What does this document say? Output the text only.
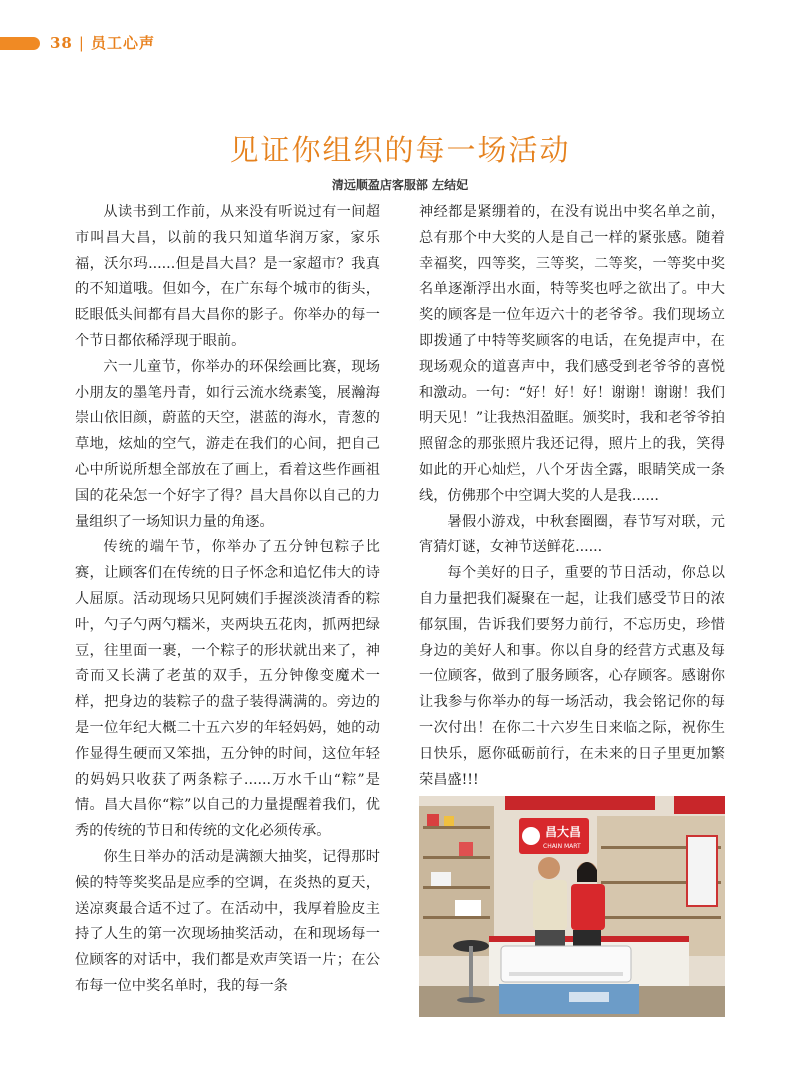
38 | 员工心声
见证你组织的每一场活动
清远顺盈店客服部 左结妃

从读书到工作前，从来没有听说过有一间超市叫昌大昌，以前的我只知道华润万家，家乐福，沃尔玛......但是昌大昌？是一家超市？我真的不知道哦。但如今，在广东每个城市的街头，眨眼低头间都有昌大昌你的影子。你举办的每一个节日都依稀浮现于眼前。

六一儿童节，你举办的环保绘画比赛，现场小朋友的墨笔丹青，如行云流水绕素笺，展瀚海崇山依旧颜，蔚蓝的天空，湛蓝的海水，青葱的草地，炫灿的空气，游走在我们的心间，把自己心中所说所想全部放在了画上，看着这些作画祖国的花朵怎一个好字了得？昌大昌你以自己的力量组织了一场知识力量的角逐。

传统的端午节，你举办了五分钟包粽子比赛，让顾客们在传统的日子怀念和追忆伟大的诗人屈原。活动现场只见阿姨们手握淡淡清香的粽叶，勺子勺两勺糯米，夹两块五花肉，抓两把绿豆，往里面一裹，一个粽子的形状就出来了，神奇而又长满了老茧的双手，五分钟像变魔术一样，把身边的装粽子的盘子装得满满的。旁边的是一位年纪大概二十五六岁的年轻妈妈，她的动作显得生硬而又笨拙，五分钟的时间，这位年轻的妈妈只收获了两条粽子......万水千山“粽”是情。昌大昌你“粽”以自己的力量提醒着我们，优秀的传统的节日和传统的文化必须传承。

你生日举办的活动是满额大抽奖，记得那时候的特等奖奖品是应季的空调，在炎热的夏天，送凉爽最合适不过了。在活动中，我厚着脸皮主持了人生的第一次现场抽奖活动，在和现场每一位顾客的对话中，我们都是欢声笑语一片；在公布每一位中奖名单时，我的每一条

神经都是紧绷着的，在没有说出中奖名单之前，总有那个中大奖的人是自己一样的紧张感。随着幸福奖，四等奖，三等奖，二等奖，一等奖中奖名单逐渐浮出水面，特等奖也呼之欲出了。中大奖的顾客是一位年迈六十的老爷爷。我们现场立即拨通了中特等奖顾客的电话，在免提声中，在现场观众的道喜声中，我们感受到老爷爷的喜悦和激动。一句：“好！好！好！谢谢！谢谢！我们明天见！”让我热泪盈眶。颁奖时，我和老爷爷拍照留念的那张照片我还记得，照片上的我，笑得如此的开心灿烂，八个牙齿全露，眼睛笑成一条线，仿佛那个中空调大奖的人是我......

暑假小游戏，中秋套圈圈，春节写对联，元宵猜灯谜，女神节送鲜花......

每个美好的日子，重要的节日活动，你总以自力量把我们凝聚在一起，让我们感受节日的浓郁氛围，告诉我们要努力前行，不忘历史，珍惜身边的美好人和事。你以自身的经营方式惠及每一位顾客，做到了服务顾客，心存顾客。感谢你让我参与你举办的每一场活动，我会铭记你的每一次付出！在你二十六岁生日来临之际，祝你生日快乐，愿你砥砺前行，在未来的日子里更加繁荣昌盛!!!

昌大昌
CHAIN MART
